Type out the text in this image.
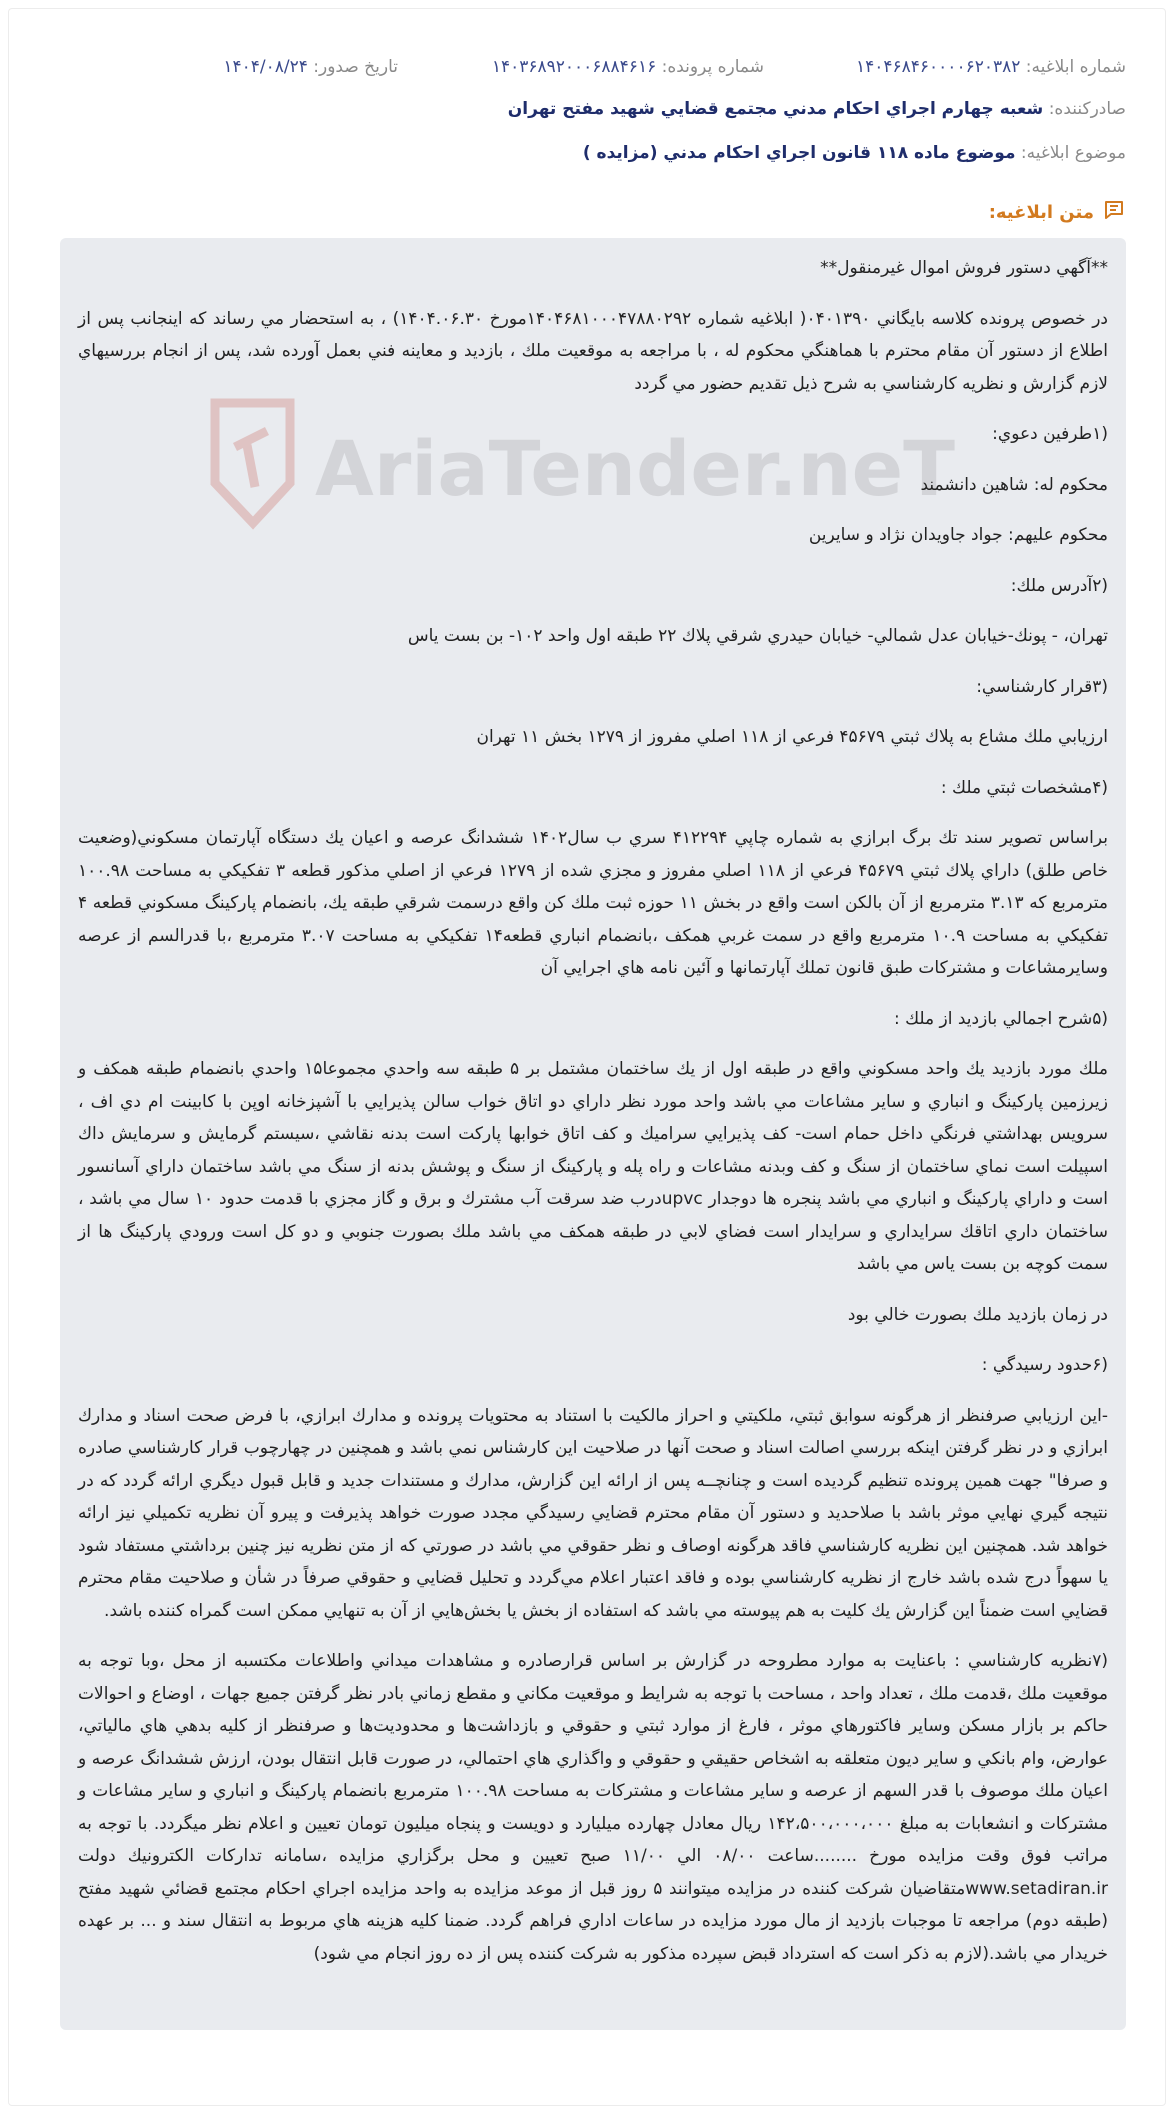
شماره ابلاغیه: ۱۴۰۴۶۸۴۶۰۰۰۰۶۲۰۳۸۲
شماره پرونده: ۱۴۰۳۶۸۹۲۰۰۰۶۸۸۴۶۱۶
تاریخ صدور: ۱۴۰۴/۰۸/۲۴
صادرکننده: شعبه چهارم اجراي احكام مدني مجتمع قضايي شهيد مفتح تهران
موضوع ابلاغیه: موضوع ماده ۱۱۸ قانون اجراي احكام مدني (مزايده )
متن ابلاغیه:
AriaTender.neT

**آگهي دستور فروش اموال غيرمنقول**

در خصوص پرونده كلاسه بايگاني ۰۴۰۱۳۹۰( ابلاغيه شماره ۱۴۰۴۶۸۱۰۰۰۴۷۸۸۰۲۹۲مورخ ۱۴۰۴.۰۶.۳۰) ، به استحضار مي رساند كه اينجانب پس از اطلاع از دستور آن مقام محترم با هماهنگي محكوم له ، با مراجعه به موقعيت ملك ، بازديد و معاينه فني بعمل آورده شد، پس از انجام بررسيهاي لازم گزارش و نظريه كارشناسي به شرح ذيل تقديم حضور مي گردد

(۱طرفين دعوي:

محكوم له: شاهين دانشمند

محكوم عليهم: جواد جاويدان نژاد و سايرين

(۲آدرس ملك:

تهران، - پونك-خيابان عدل شمالي- خيابان حيدري شرقي پلاك ۲۲ طبقه اول واحد ۱۰۲- بن بست ياس

(۳قرار كارشناسي:

ارزيابي ملك مشاع به پلاك ثبتي ۴۵۶۷۹ فرعي از ۱۱۸ اصلي مفروز از ۱۲۷۹ بخش ۱۱ تهران

(۴مشخصات ثبتي ملك :

براساس تصوير سند تك برگ ابرازي به شماره چاپي ۴۱۲۲۹۴ سري ب سال۱۴۰۲ ششدانگ عرصه و اعيان يك دستگاه آپارتمان مسكوني(وضعيت خاص طلق) داراي پلاك ثبتي ۴۵۶۷۹ فرعي از ۱۱۸ اصلي مفروز و مجزي شده از ۱۲۷۹ فرعي از اصلي مذكور قطعه ۳ تفكيكي به مساحت ۱۰۰.۹۸ مترمربع كه ۳.۱۳ مترمربع از آن بالكن است واقع در بخش ۱۱ حوزه ثبت ملك كن واقع درسمت شرقي طبقه يك، بانضمام پاركينگ مسكوني قطعه ۴ تفكيكي به مساحت ۱۰.۹ مترمربع واقع در سمت غربي همكف ،بانضمام انباري قطعه۱۴ تفكيكي به مساحت ۳.۰۷ مترمربع ،با قدرالسم از عرصه وسايرمشاعات و مشتركات طبق قانون تملك آپارتمانها و آئين نامه هاي اجرايي آن

(۵شرح اجمالي بازديد از ملك :

ملك مورد بازديد يك واحد مسكوني واقع در طبقه اول از يك ساختمان مشتمل بر ۵ طبقه سه واحدي مجموعا۱۵ واحدي بانضمام طبقه همكف و زيرزمين پاركينگ و انباري و ساير مشاعات مي باشد واحد مورد نظر داراي دو اتاق خواب سالن پذيرايي با آشپزخانه اوپن با كابينت ام دي اف ، سرويس بهداشتي فرنگي داخل حمام است- كف پذيرايي سراميك و كف اتاق خوابها پاركت است بدنه نقاشي ،سيستم گرمايش و سرمايش داك اسپيلت است نماي ساختمان از سنگ و كف وبدنه مشاعات و راه پله و پاركينگ از سنگ و پوشش بدنه از سنگ مي باشد ساختمان داراي آسانسور است و داراي پاركينگ و انباري مي باشد پنجره ها دوجدار upvcدرب ضد سرقت آب مشترك و برق و گاز مجزي با قدمت حدود ۱۰ سال مي باشد ، ساختمان داري اتاقك سرايداري و سرايدار است فضاي لابي در طبقه همكف مي باشد ملك بصورت جنوبي و دو كل است ورودي پاركينگ ها از سمت كوچه بن بست ياس مي باشد

در زمان بازديد ملك بصورت خالي بود

(۶حدود رسيدگي :

-اين ارزيابي صرفنظر از هرگونه سوابق ثبتي، ملكيتي و احراز مالكيت با استناد به محتويات پرونده و مدارك ابرازي، با فرض صحت اسناد و مدارك ابرازي و در نظر گرفتن اينكه بررسي اصالت اسناد و صحت آنها در صلاحيت اين كارشناس نمي باشد و همچنين در چهارچوب قرار كارشناسي صادره و صرفا" جهت همين پرونده تنظيم گرديده است و چنانچــه پس از ارائه اين گزارش، مدارك و مستندات جديد و قابل قبول ديگري ارائه گردد كه در نتيجه گيري نهايي موثر باشد با صلاحديد و دستور آن مقام محترم قضايي رسيدگي مجدد صورت خواهد پذيرفت و پيرو آن نظريه تكميلي نيز ارائه خواهد شد. همچنين اين نظريه كارشناسي فاقد هرگونه اوصاف و نظر حقوقي مي باشد در صورتي كه از متن نظريه نيز چنين برداشتي مستفاد شود يا سهواً درج شده باشد خارج از نظريه كارشناسي بوده و فاقد اعتبار اعلام مي‌گردد و تحليل قضايي و حقوقي صرفاً در شأن و صلاحيت مقام محترم قضايي است ضمناً اين گزارش يك كليت به هم پيوسته مي باشد كه استفاده از بخش يا بخش‌هايي از آن به تنهايي ممكن است گمراه كننده باشد.

(۷نظريه كارشناسي : باعنايت به موارد مطروحه در گزارش بر اساس قرارصادره و مشاهدات ميداني واطلاعات مكتسبه از محل ،وبا توجه به موقعيت ملك ،قدمت ملك ، تعداد واحد ، مساحت با توجه به شرايط و موقعيت مكاني و مقطع زماني بادر نظر گرفتن جميع جهات ، اوضاع و احوالات حاكم بر بازار مسكن وساير فاكتورهاي موثر ، فارغ از موارد ثبتي و حقوقي و بازداشت‌ها و محدوديت‌ها و صرفنظر از كليه بدهي هاي مالياتي، عوارض، وام بانكي و ساير ديون متعلقه به اشخاص حقيقي و حقوقي و واگذاري هاي احتمالي، در صورت قابل انتقال بودن، ارزش ششدانگ عرصه و اعيان ملك موصوف با قدر السهم از عرصه و ساير مشاعات و مشتركات به مساحت ۱۰۰.۹۸ مترمربع بانضمام پاركينگ و انباري و ساير مشاعات و مشتركات و انشعابات به مبلغ ۱۴۲،۵۰۰،۰۰۰،۰۰۰ ريال معادل چهارده ميليارد و دويست و پنجاه ميليون تومان تعيين و اعلام نظر ميگردد. با توجه به مراتب فوق وقت مزايده مورخ ........ساعت ۰۸/۰۰ الي ۱۱/۰۰ صبح تعيين و محل برگزاري مزايده ،سامانه تداركات الكترونيك دولت www.setadiran.irمتقاضيان شركت كننده در مزايده ميتوانند ۵ روز قبل از موعد مزايده به واحد مزايده اجراي احكام مجتمع قضائي شهيد مفتح (طبقه دوم) مراجعه تا موجبات بازديد از مال مورد مزايده در ساعات اداري فراهم گردد. ضمنا كليه هزينه هاي مربوط به انتقال سند و ... بر عهده خريدار مي باشد.(لازم به ذكر است كه استرداد قبض سپرده مذكور به شركت كننده پس از ده روز انجام مي شود)
